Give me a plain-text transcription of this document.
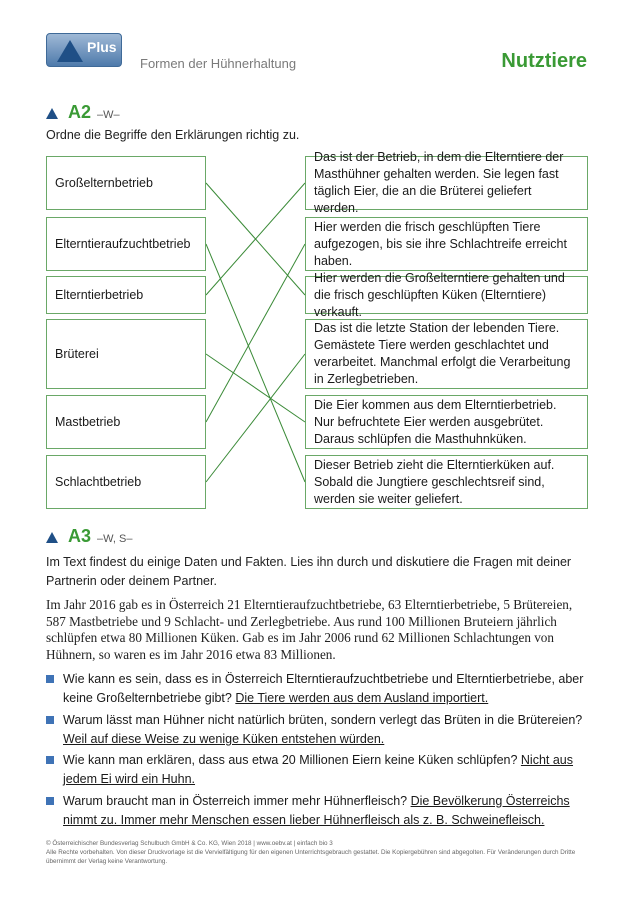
Plus
Formen der Hühnerhaltung	Nutztiere
A2 –W–
Ordne die Begriffe den Erklärungen richtig zu.
Großelternbetrieb
Elterntieraufzuchtbetrieb
Elterntierbetrieb
Brüterei
Mastbetrieb
Schlachtbetrieb
Das ist der Betrieb, in dem die Elterntiere der Masthühner gehalten werden. Sie legen fast täglich Eier, die an die Brüterei geliefert werden.
Hier werden die frisch geschlüpften Tiere aufgezogen, bis sie ihre Schlachtreife erreicht haben.
Hier werden die Großelterntiere gehalten und die frisch geschlüpften Küken (Elterntiere) verkauft.
Das ist die letzte Station der lebenden Tiere. Gemästete Tiere werden geschlachtet und verarbeitet. Manchmal erfolgt die Verarbeitung in Zerlegbetrieben.
Die Eier kommen aus dem Elterntierbetrieb. Nur befruchtete Eier werden ausgebrütet. Daraus schlüpfen die Masthuhnküken.
Dieser Betrieb zieht die Elterntierküken auf. Sobald die Jungtiere geschlechtsreif sind, werden sie weiter geliefert.
A3 –W, S–
Im Text findest du einige Daten und Fakten. Lies ihn durch und diskutiere die Fragen mit deiner Partnerin oder deinem Partner.
Im Jahr 2016 gab es in Österreich 21 Elterntieraufzuchtbetriebe, 63 Elterntierbetriebe, 5 Brütereien, 587 Mastbetriebe und 9 Schlacht- und Zerlegbetriebe. Aus rund 100 Millionen Bruteiern jährlich schlüpfen etwa 80 Millionen Küken. Gab es im Jahr 2006 rund 62 Millionen Schlachtungen von Hühnern, so waren es im Jahr 2016 etwa 83 Millionen.
Wie kann es sein, dass es in Österreich Elterntieraufzuchtbetriebe und Elterntierbetriebe, aber keine Großelternbetriebe gibt? Die Tiere werden aus dem Ausland importiert.
Warum lässt man Hühner nicht natürlich brüten, sondern verlegt das Brüten in die Brütereien? Weil auf diese Weise zu wenige Küken entstehen würden.
Wie kann man erklären, dass aus etwa 20 Millionen Eiern keine Küken schlüpfen? Nicht aus jedem Ei wird ein Huhn.
Warum braucht man in Österreich immer mehr Hühnerfleisch? Die Bevölkerung Österreichs nimmt zu. Immer mehr Menschen essen lieber Hühnerfleisch als z. B. Schweinefleisch.
© Österreichischer Bundesverlag Schulbuch GmbH & Co. KG, Wien 2018 | www.oebv.at | einfach bio 3
Alle Rechte vorbehalten. Von dieser Druckvorlage ist die Vervielfältigung für den eigenen Unterrichtsgebrauch gestattet. Die Kopiergebühren sind abgegolten. Für Veränderungen durch Dritte übernimmt der Verlag keine Verantwortung.
